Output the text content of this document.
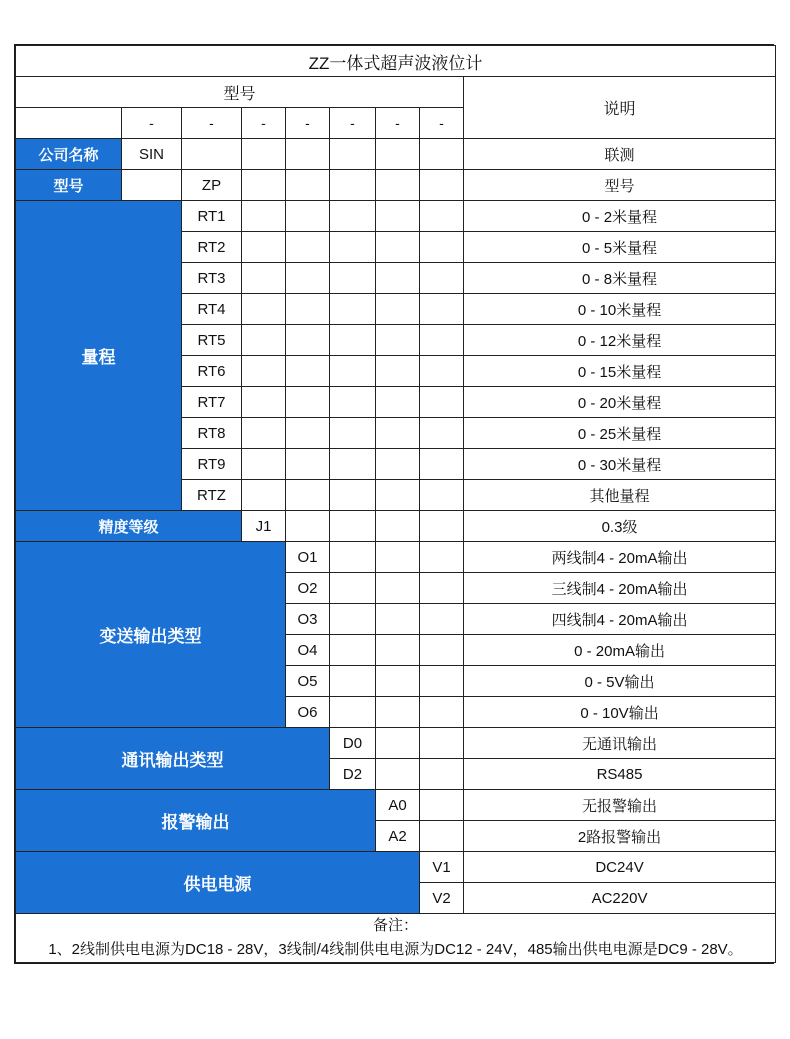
ZZ一体式超声波液位计								
型号								说明
	-	-	-	-	-	-	-	
公司名称	SIN							联测
型号		ZP						型号
量程		RT1						0 - 2米量程
		RT2						0 - 5米量程
		RT3						0 - 8米量程
		RT4						0 - 10米量程
		RT5						0 - 12米量程
		RT6						0 - 15米量程
		RT7						0 - 20米量程
		RT8						0 - 25米量程
		RT9						0 - 30米量程
		RTZ						其他量程
精度等级			J1					0.3级
变送输出类型				O1				两线制4 - 20mA输出
				O2				三线制4 - 20mA输出
				O3				四线制4 - 20mA输出
				O4				0 - 20mA输出
				O5				0 - 5V输出
				O6				0 - 10V输出
通讯输出类型					D0			无通讯输出
					D2			RS485
报警输出						A0		无报警输出
						A2		2路报警输出
供电电源							V1	DC24V
							V2	AC220V

备注：
1、2线制供电电源为DC18 - 28V，3线制/4线制供电电源为DC12 - 24V，485输出供电电源是DC9 - 28V。								
